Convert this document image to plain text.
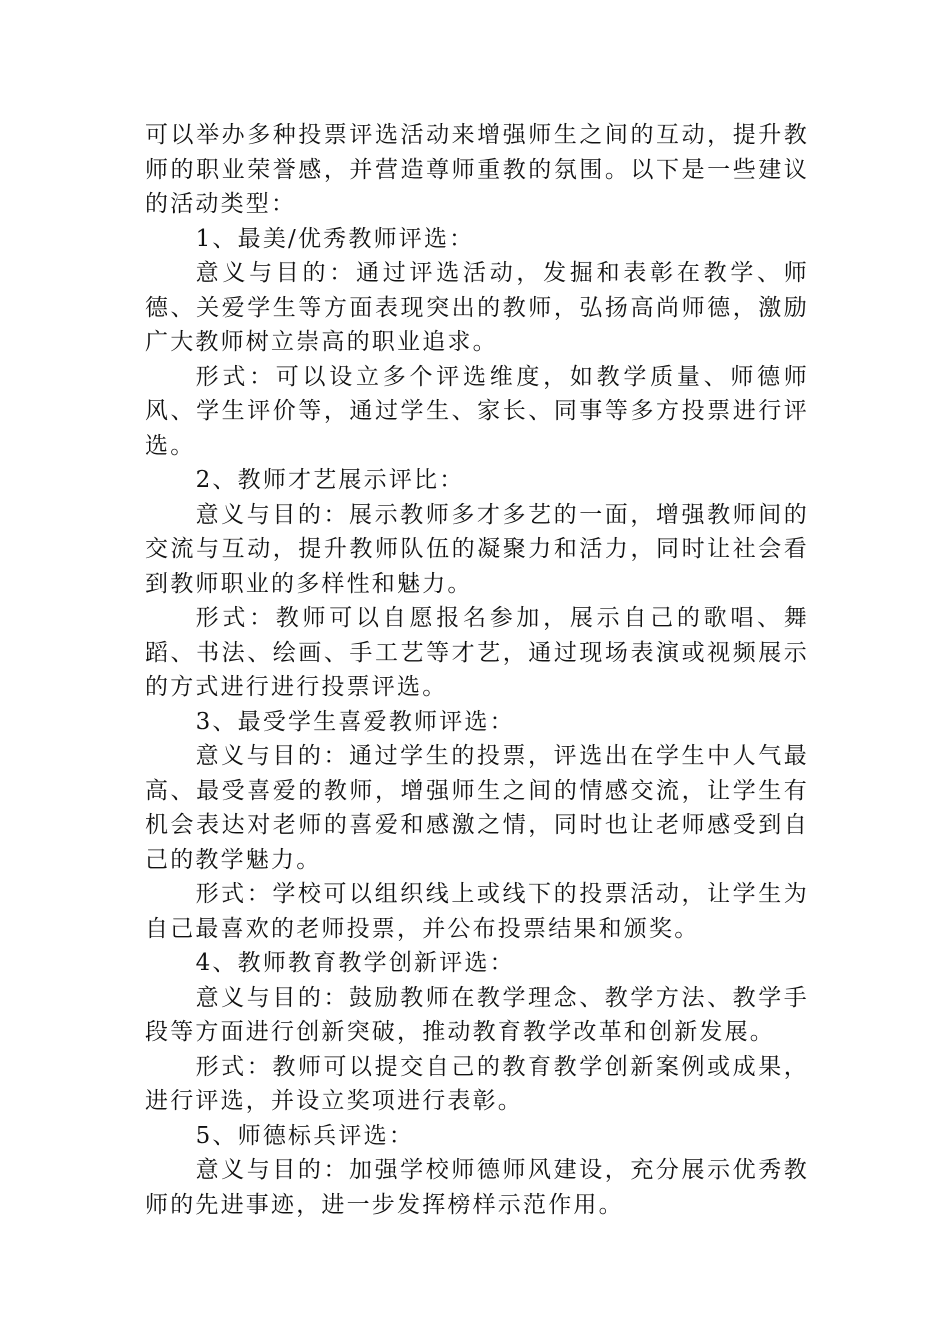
可以举办多种投票评选活动来增强师生之间的互动，提升教师的职业荣誉感，并营造尊师重教的氛围。以下是一些建议的活动类型：

1、最美/优秀教师评选：

意义与目的：通过评选活动，发掘和表彰在教学、师德、关爱学生等方面表现突出的教师，弘扬高尚师德，激励广大教师树立崇高的职业追求。

形式：可以设立多个评选维度，如教学质量、师德师风、学生评价等，通过学生、家长、同事等多方投票进行评选。

2、教师才艺展示评比：

意义与目的：展示教师多才多艺的一面，增强教师间的交流与互动，提升教师队伍的凝聚力和活力，同时让社会看到教师职业的多样性和魅力。

形式：教师可以自愿报名参加，展示自己的歌唱、舞蹈、书法、绘画、手工艺等才艺，通过现场表演或视频展示的方式进行进行投票评选。

3、最受学生喜爱教师评选：

意义与目的：通过学生的投票，评选出在学生中人气最高、最受喜爱的教师，增强师生之间的情感交流，让学生有机会表达对老师的喜爱和感激之情，同时也让老师感受到自己的教学魅力。

形式：学校可以组织线上或线下的投票活动，让学生为自己最喜欢的老师投票，并公布投票结果和颁奖。

4、教师教育教学创新评选：

意义与目的：鼓励教师在教学理念、教学方法、教学手段等方面进行创新突破，推动教育教学改革和创新发展。

形式：教师可以提交自己的教育教学创新案例或成果，进行评选，并设立奖项进行表彰。

5、师德标兵评选：

意义与目的：加强学校师德师风建设，充分展示优秀教师的先进事迹，进一步发挥榜样示范作用。
